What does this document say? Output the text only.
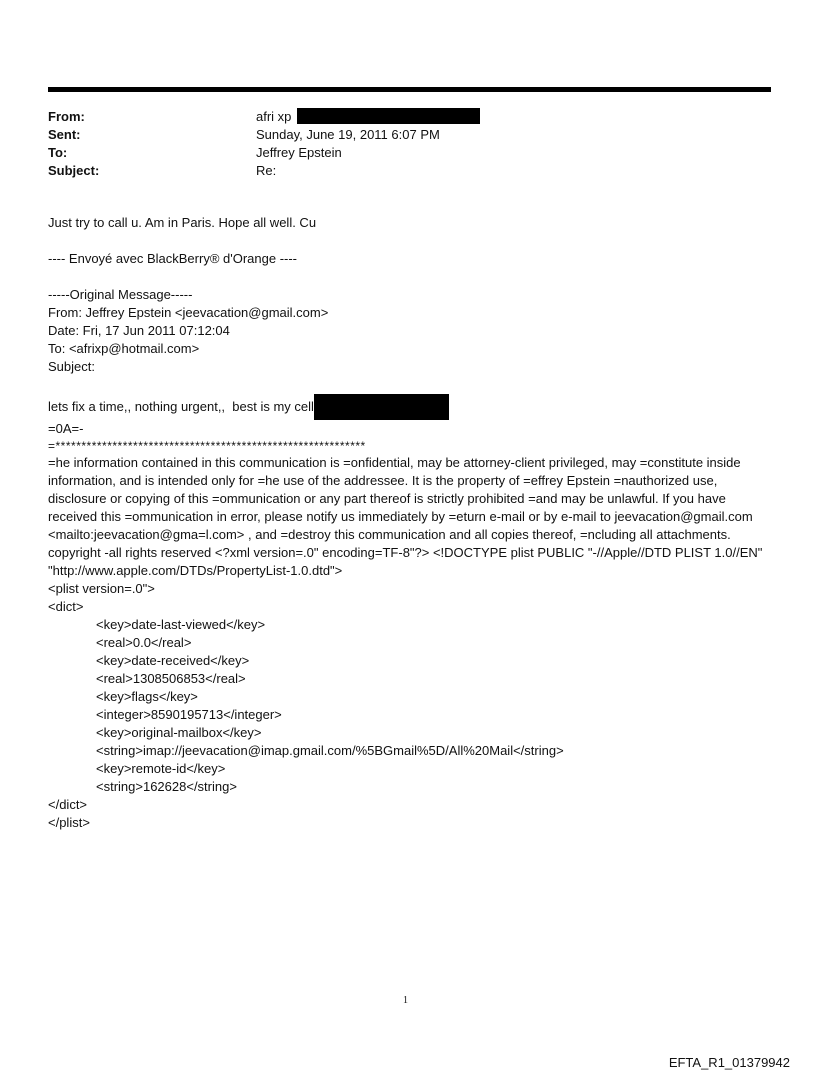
From:	afri xp
Sent:	Sunday, June 19, 2011 6:07 PM
To:	Jeffrey Epstein
Subject:	Re:

Just try to call u. Am in Paris. Hope all well. Cu

---- Envoyé avec BlackBerry® d'Orange ----

-----Original Message-----

From: Jeffrey Epstein <jeevacation@gmail.com>

Date: Fri, 17 Jun 2011 07:12:04

To: <afrixp@hotmail.com>

Subject:

lets fix a time,, nothing urgent,,  best is my cell

=0A=-

=************************************************************

=he information contained in this communication is =onfidential, may be attorney-client privileged, may =constitute inside information, and is intended only for =he use of the addressee. It is the property of =effrey Epstein =nauthorized use, disclosure or copying of this =ommunication or any part thereof is strictly prohibited =and may be unlawful. If you have received this =ommunication in error, please notify us immediately by =eturn e-mail or by e-mail to jeevacation@gmail.com <mailto:jeevacation@gma=l.com> , and =destroy this communication and all copies thereof, =ncluding all attachments. copyright -all rights reserved <?xml version=.0" encoding=TF-8"?> <!DOCTYPE plist PUBLIC "-//Apple//DTD PLIST 1.0//EN" "http://www.apple.com/DTDs/PropertyList-1.0.dtd">

<plist version=.0">

<dict>

<key>date-last-viewed</key>

<real>0.0</real>

<key>date-received</key>

<real>1308506853</real>

<key>flags</key>

<integer>8590195713</integer>

<key>original-mailbox</key>

<string>imap://jeevacation@imap.gmail.com/%5BGmail%5D/All%20Mail</string>

<key>remote-id</key>

<string>162628</string>

</dict>

</plist>

1
EFTA_R1_01379942
